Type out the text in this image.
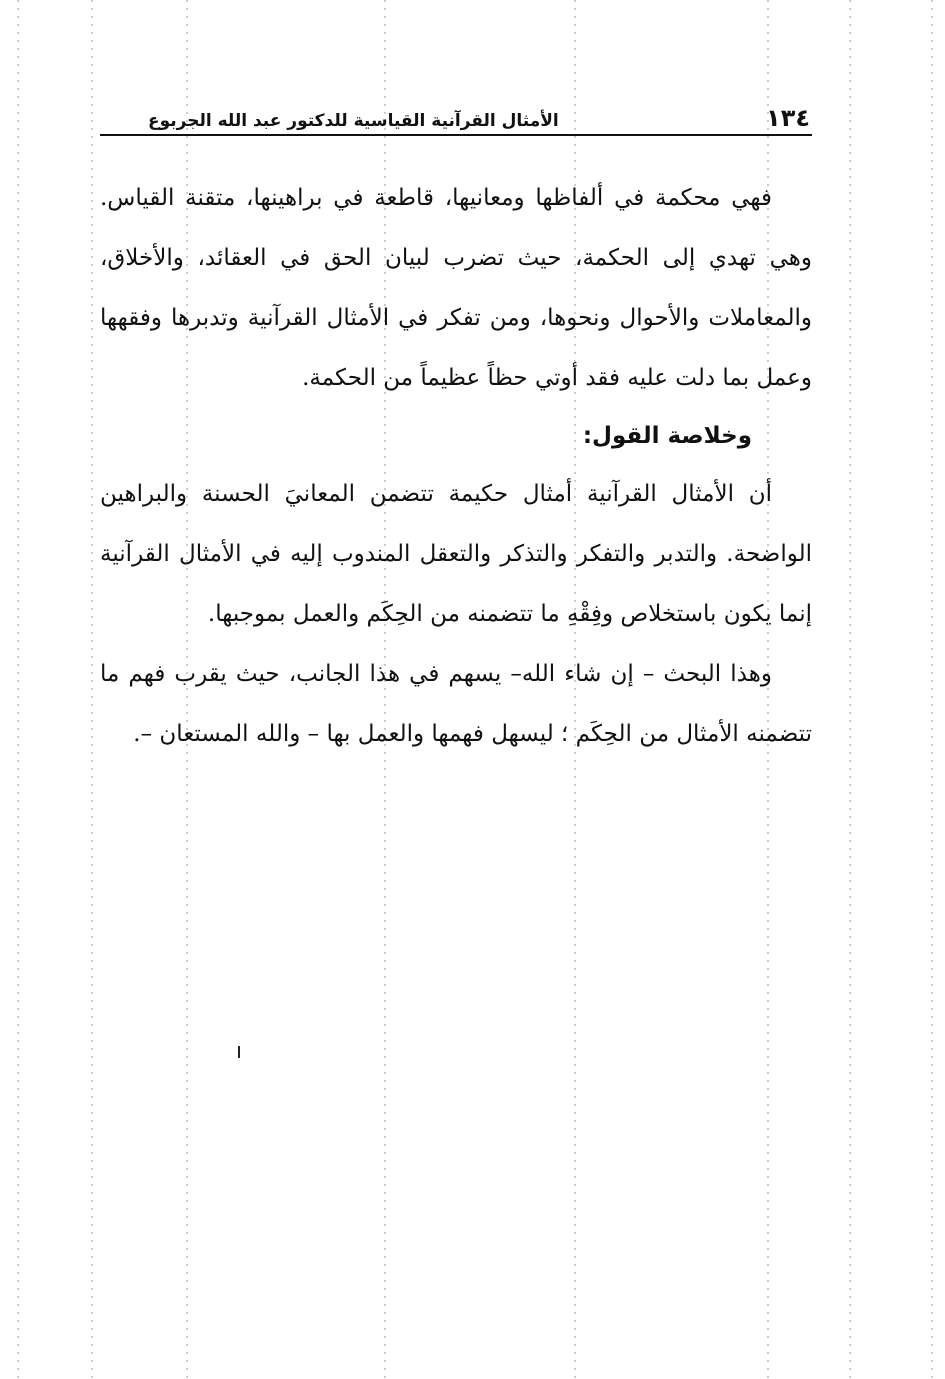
١٣٤
الأمثال القرآنية القياسية للدكتور عبد الله الجربوع

فهي محكمة في ألفاظها ومعانيها، قاطعة في براهينها، متقنة القياس. وهي تهدي إلى الحكمة، حيث تضرب لبيان الحق في العقائد، والأخلاق، والمعاملات والأحوال ونحوها، ومن تفكر في الأمثال القرآنية وتدبرها وفقهها وعمل بما دلت عليه فقد أوتي حظاً عظيماً من الحكمة.

وخلاصة القول:

أن الأمثال القرآنية أمثال حكيمة تتضمن المعانيَ الحسنة والبراهين الواضحة. والتدبر والتفكر والتذكر والتعقل المندوب إليه في الأمثال القرآنية إنما يكون باستخلاص وفِقْهِ ما تتضمنه من الحِكَم والعمل بموجبها.

وهذا البحث – إن شاء الله– يسهم في هذا الجانب، حيث يقرب فهم ما تتضمنه الأمثال من الحِكَم ؛ ليسهل فهمها والعمل بها – والله المستعان –.
